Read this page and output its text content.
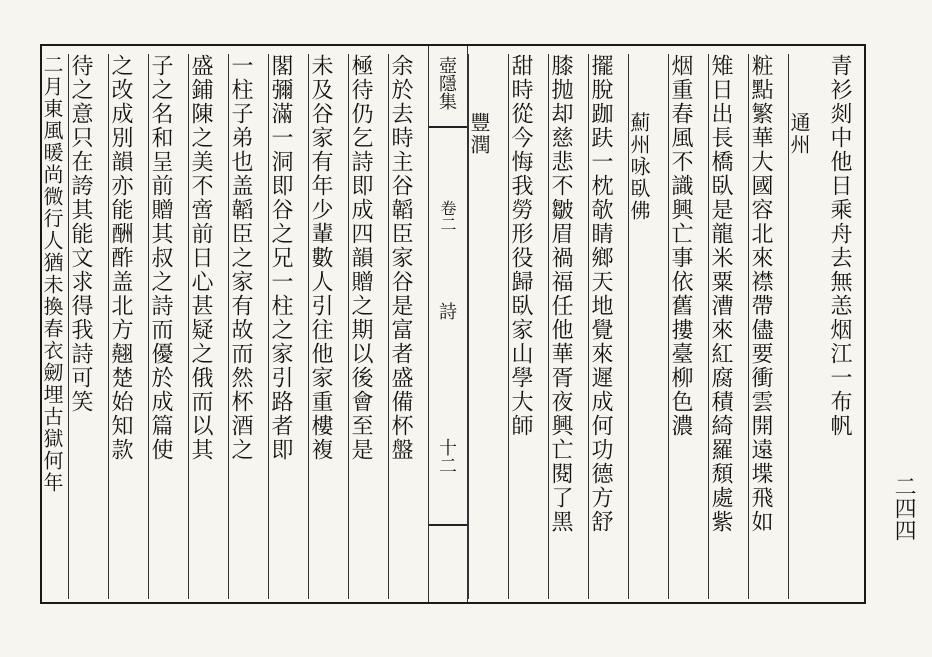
青衫剡中他日乘舟去無恙烟江一布帆
通州
粧點繁華大國容北來襟帶儘要衝雲開遠堞飛如
雉日出長橋臥是龍米粟漕來紅腐積綺羅頹處紫
烟重春風不識興亡事依舊摟臺柳色濃
薊州咏臥佛
擺脫跏趺一枕欹睛鄉天地覺來遲成何功德方舒
膝抛却慈悲不皺眉禍福任他華胥夜興亡閱了黑
甜時從今悔我勞形役歸臥家山學大師
豐潤
壺隱集
卷二
詩
十二
余於去時主谷韜臣家谷是富者盛備杯盤
極待仍乞詩即成四韻贈之期以後會至是
未及谷家有年少輩數人引往他家重樓複
閣彌滿一洞即谷之兄一柱之家引路者即
一柱子弟也盖韜臣之家有故而然杯酒之
盛鋪陳之美不啻前日心甚疑之俄而以其
子之名和呈前贈其叔之詩而優於成篇使
之改成別韻亦能酬酢盖北方翹楚始知款
待之意只在誇其能文求得我詩可笑
二月東風暖尚微行人猶未換春衣劒埋古獄何年
二四四
